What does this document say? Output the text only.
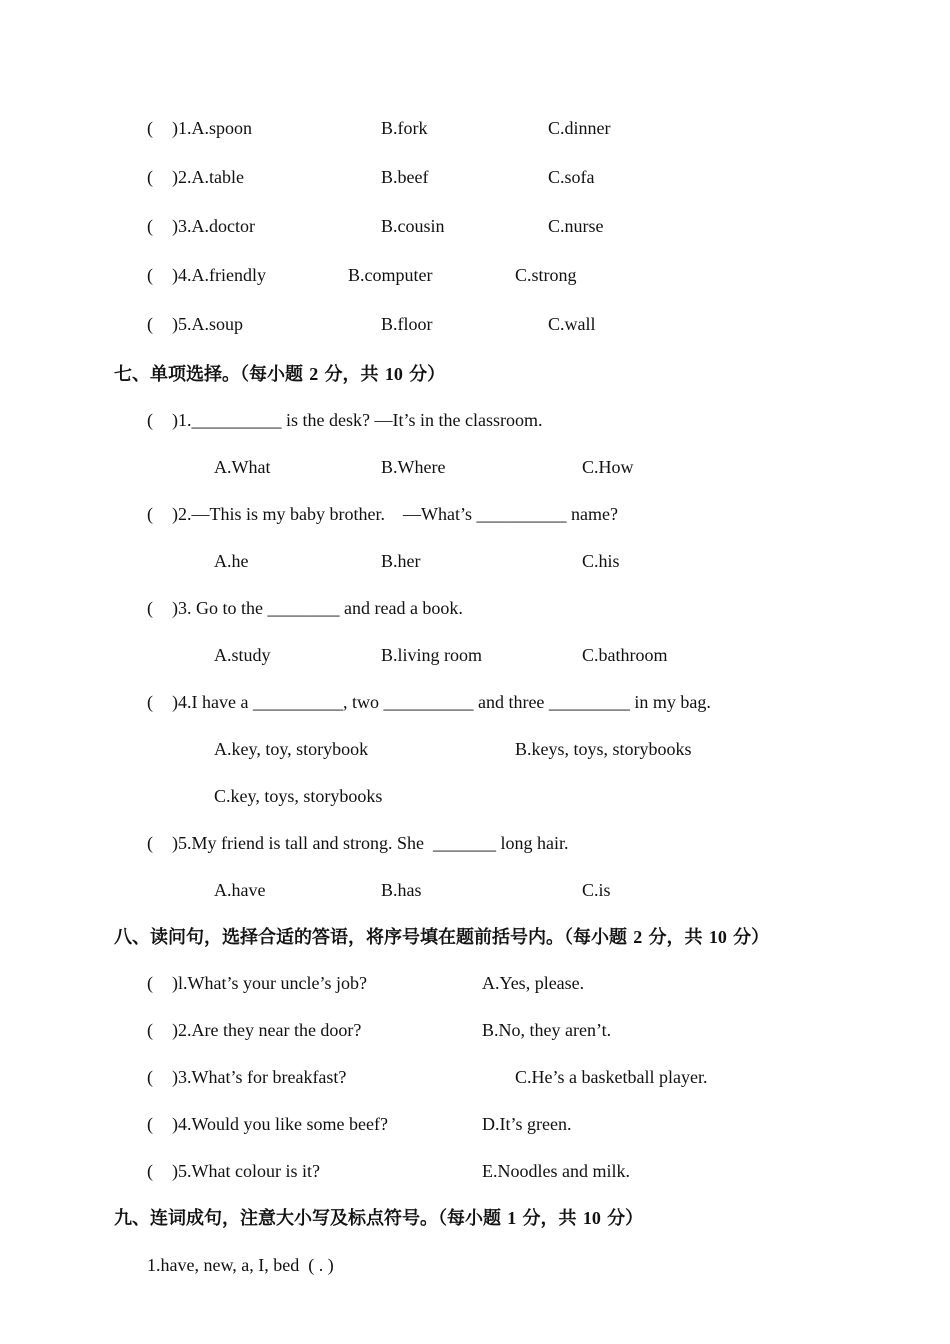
( )1.A.spoon	B.fork	C.dinner
( )2.A.table	B.beef	C.sofa
( )3.A.doctor	B.cousin	C.nurse
( )4.A.friendly	B.computer	C.strong
( )5.A.soup	B.floor	C.wall
七、单项选择。（每小题 2 分，共 10 分）
( )1.__________ is the desk? —It’s in the classroom.
A.What	B.Where	C.How
( )2.—This is my baby brother.    —What’s __________ name?
A.he	B.her	C.his
( )3. Go to the ________ and read a book.
A.study	B.living room	C.bathroom
( )4.I have a __________, two __________ and three _________ in my bag.
A.key, toy, storybook	B.keys, toys, storybooks
C.key, toys, storybooks
( )5.My friend is tall and strong. She  _______ long hair.
A.have	B.has	C.is
八、读问句，选择合适的答语，将序号填在题前括号内。（每小题 2 分，共 10 分）
( )l.What’s your uncle’s job?	A.Yes, please.
( )2.Are they near the door?	B.No, they aren’t.
( )3.What’s for breakfast?	C.He’s a basketball player.
( )4.Would you like some beef?	D.It’s green.
( )5.What colour is it?	E.Noodles and milk.
九、连词成句，注意大小写及标点符号。（每小题 1 分，共 10 分）
1.have, new, a, I, bed  ( . )
